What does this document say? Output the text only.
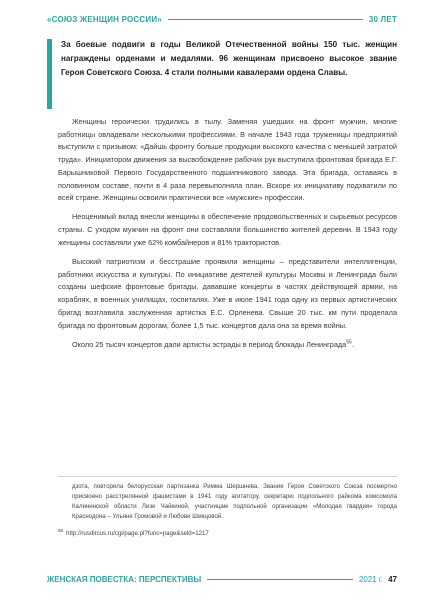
«СОЮЗ ЖЕНЩИН РОССИИ»	30 ЛЕТ
За боевые подвиги в годы Великой Отечественной войны 150 тыс. женщин награждены орденами и медалями. 96 женщинам присвоено высокое звание Героя Советского Союза. 4 стали полными кавалерами ордена Славы.

Женщины героически трудились в тылу. Заменяя ушедших на фронт мужчин, многие работницы овладевали несколькими профессиями. В начале 1943 года труженицы предприятий выступили с призывом: «Дайшь фронту больше продукции высокого качества с меньшей затратой труда». Инициатором движения за высвобождение рабочих рук выступила фронтовая бригада Е.Г. Барышниковой Первого Государственного подшипникового завода. Эта бригада, оставаясь в половинном составе, почти в 4 раза перевыполняла план. Вскоре их инициативу подхватили по всей стране. Женщины освоили практически все «мужские» профессии.

Неоценимый вклад внесли женщины в обеспечение продовольственных и сырьевых ресурсов страны. С уходом мужчин на фронт они составляли большинство жителей деревни. В 1943 году женщины составляли уже 62% комбайнеров и 81% трактористов.

Высокий патриотизм и бесстрашие проявили женщины – представители интеллигенции, работники искусства и культуры. По инициативе деятелей культуры Москвы и Ленинграда были созданы шефские фронтовые бригады, дававшие концерты в частях действующей армии, на кораблях, в военных училищах, госпиталях. Уже в июле 1941 года одну из первых артистических бригад возглавила заслуженная артистка Е.С. Орленева. Свыше 20 тыс. км пути проделала бригада по фронтовым дорогам, более 1,5 тыс. концертов дала она за время войны.

Около 25 тысяч концертов дали артисты эстрады в период блокады Ленинграда$^{55}$.

дзота, повторила белорусская партизанка Римма Шершнева. Звание Героя Советского Союза посмертно присвоено расстрелянной фашистами в 1941 году агитатору, секретарю подпольного райкома комсомола Калининской области Лизе Чайкиной, участницам подпольной организации «Молодая гвардия» города Краснодона – Ульяне Громовой и Любови Шевцовой.

$^{55}$ http://rusdircus.ru/cgi/page.pl?func=page&seld=1217

ЖЕНСКАЯ ПОВЕСТКА: ПЕРСПЕКТИВЫ	2021 г. 47
